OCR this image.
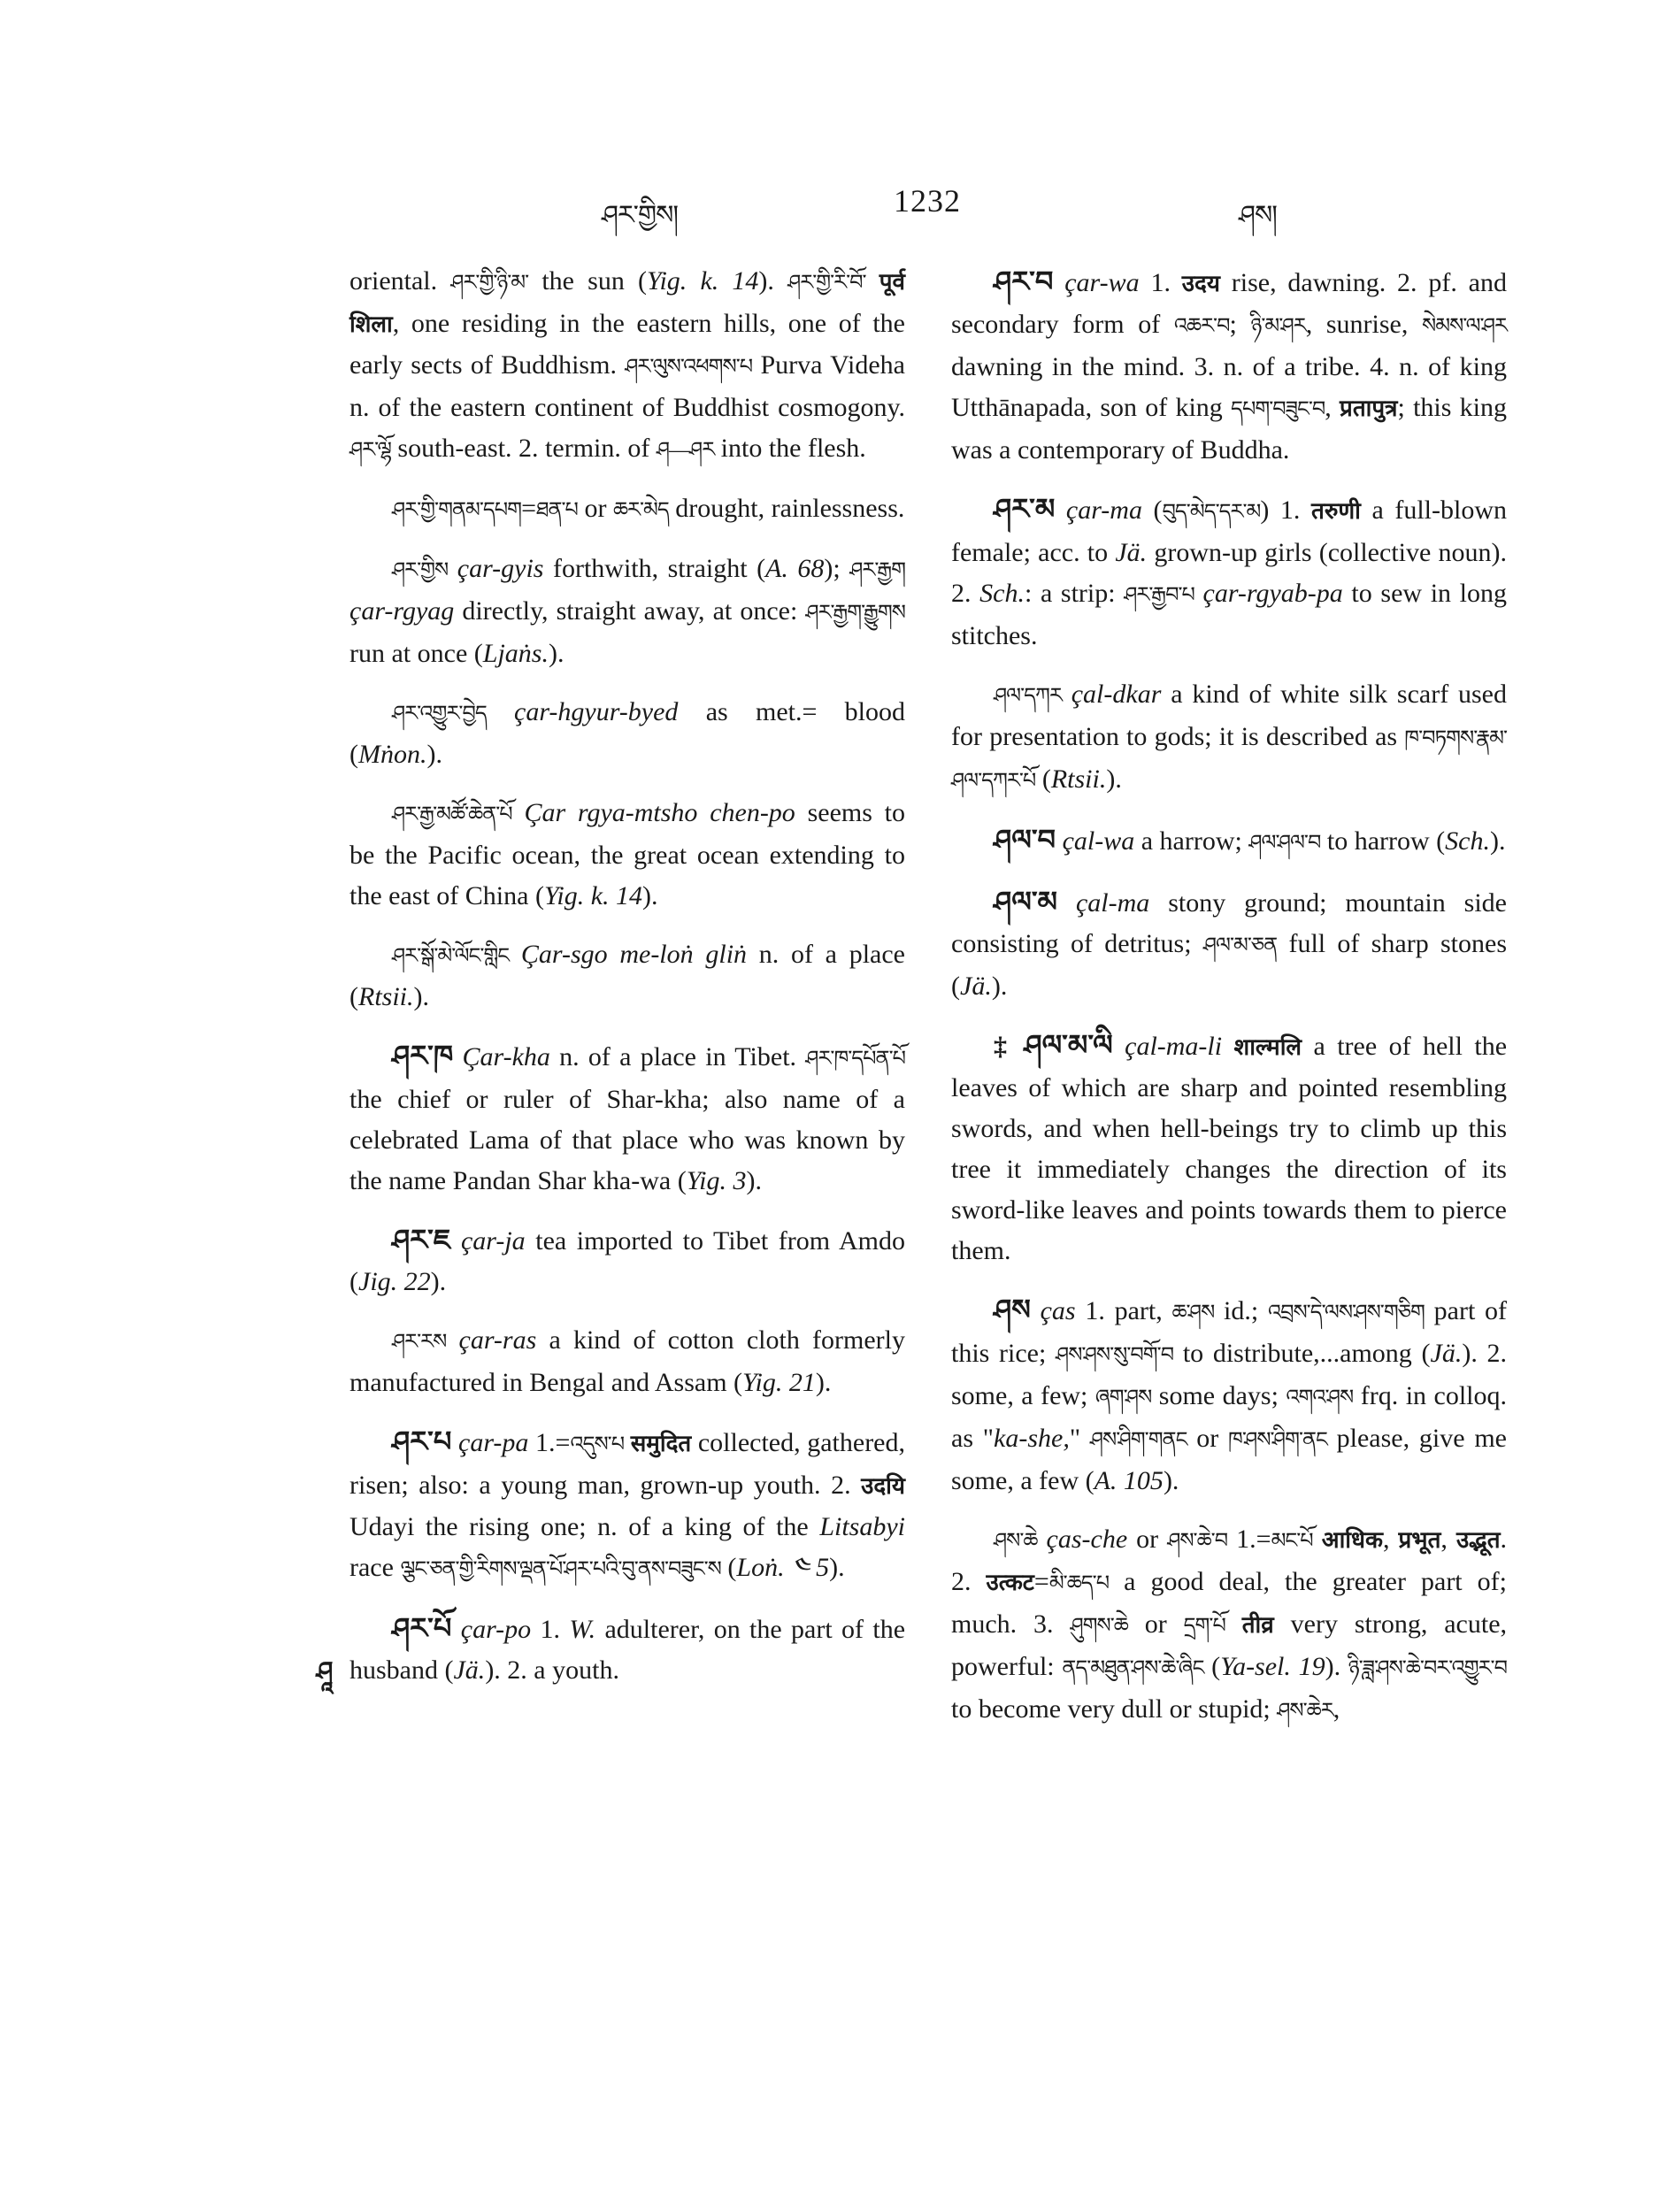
ཤར་གྱིས།	1232	ཤས།
ཤཱ

oriental. ཤར་གྱི་ཉི་མ་ the sun (Yig. k. 14). ཤར་གྱི་རི་བོ་ पूर्व शिला, one residing in the eastern hills, one of the early sects of Buddhism. ཤར་ལུས་འཕགས་པ Purva Videha n. of the eastern continent of Buddhist cosmogony. ཤར་ལྷོ south-east. 2. termin. of ཤ—ཤར into the flesh.

ཤར་གྱི་གནམ་དཔག=ཐན་པ or ཆར་མེད drought, rainlessness.

ཤར་གྱིས çar-gyis forthwith, straight (A. 68); ཤར་རྒྱག çar-rgyag directly, straight away, at once: ཤར་རྒྱག་རྒྱུགས run at once (Ljaṅs.).

ཤར་འགྱུར་བྱེད çar-hgyur-byed as met.= blood (Mṅon.).

ཤར་རྒྱ་མཚོ་ཆེན་པོ Çar rgya-mtsho chen-po seems to be the Pacific ocean, the great ocean extending to the east of China (Yig. k. 14).

ཤར་སྒོ་མེ་ལོང་གླིང Çar-sgo me-loṅ gliṅ n. of a place (Rtsii.).

ཤར་ཁ Çar-kha n. of a place in Tibet. ཤར་ཁ་དཔོན་པོ the chief or ruler of Shar-kha; also name of a celebrated Lama of that place who was known by the name Pandan Shar kha-wa (Yig. 3).

ཤར་ཇ çar-ja tea imported to Tibet from Amdo (Jig. 22).

ཤར་རས çar-ras a kind of cotton cloth formerly manufactured in Bengal and Assam (Yig. 21).

ཤར་པ çar-pa 1.=འདུས་པ समुदित collected, gathered, risen; also: a young man, grown-up youth. 2. उदयि Udayi the rising one; n. of a king of the Litsabyi race ལྕང་ཅན་གྱི་རིགས་ལྡན་པོ་ཤར་པའི་བུ་ནས་བཟུང་ས (Loṅ. ༤ 5).

ཤར་པོ çar-po 1. W. adulterer, on the part of the husband (Jä.). 2. a youth.

ཤར་བ çar-wa 1. उदय rise, dawning. 2. pf. and secondary form of འཆར་བ; ཉི་མ་ཤར, sunrise, སེམས་ལ་ཤར dawning in the mind. 3. n. of a tribe. 4. n. of king Utthānapada, son of king དཔག་བཟུང་བ, प्रतापुत्र; this king was a contemporary of Buddha.

ཤར་མ çar-ma (བུད་མེད་དར་མ) 1. तरुणी a full-blown female; acc. to Jä. grown-up girls (collective noun). 2. Sch.: a strip: ཤར་རྒྱབ་པ çar-rgyab-pa to sew in long stitches.

ཤལ་དཀར çal-dkar a kind of white silk scarf used for presentation to gods; it is described as ཁ་བཏགས་རྣམ་ཤལ་དཀར་པོ (Rtsii.).

ཤལ་བ çal-wa a harrow; ཤལ་ཤལ་བ to harrow (Sch.).

ཤལ་མ çal-ma stony ground; mountain side consisting of detritus; ཤལ་མ་ཅན full of sharp stones (Jä.).

‡ ཤལ་མ་ལི çal-ma-li शाल्मलि a tree of hell the leaves of which are sharp and pointed resembling swords, and when hell-beings try to climb up this tree it immediately changes the direction of its sword-like leaves and points towards them to pierce them.

ཤས ças 1. part, ཆ་ཤས id.; འབྲས་དེ་ལས་ཤས་གཅིག part of this rice; ཤས་ཤས་སུ་བགོ་བ to distribute,...among (Jä.). 2. some, a few; ཞག་ཤས some days; འགའ་ཤས frq. in colloq. as "ka-she," ཤས་ཤིག་གནང or ཁ་ཤས་ཤིག་ནང please, give me some, a few (A. 105).

ཤས་ཆེ ças-che or ཤས་ཆེ་བ 1.=མང་པོ आधिक, प्रभूत, उद्भूत. 2. उत्कट=མི་ཆད་པ a good deal, the greater part of; much. 3. ཤུགས་ཆེ or དྲག་པོ तीव्र very strong, acute, powerful: ནད་མཐུན་ཤས་ཆེ་ཞིང (Ya-sel. 19). ཉི་ཟླ་ཤས་ཆེ་བར་འགྱུར་བ to become very dull or stupid; ཤས་ཆེར,
